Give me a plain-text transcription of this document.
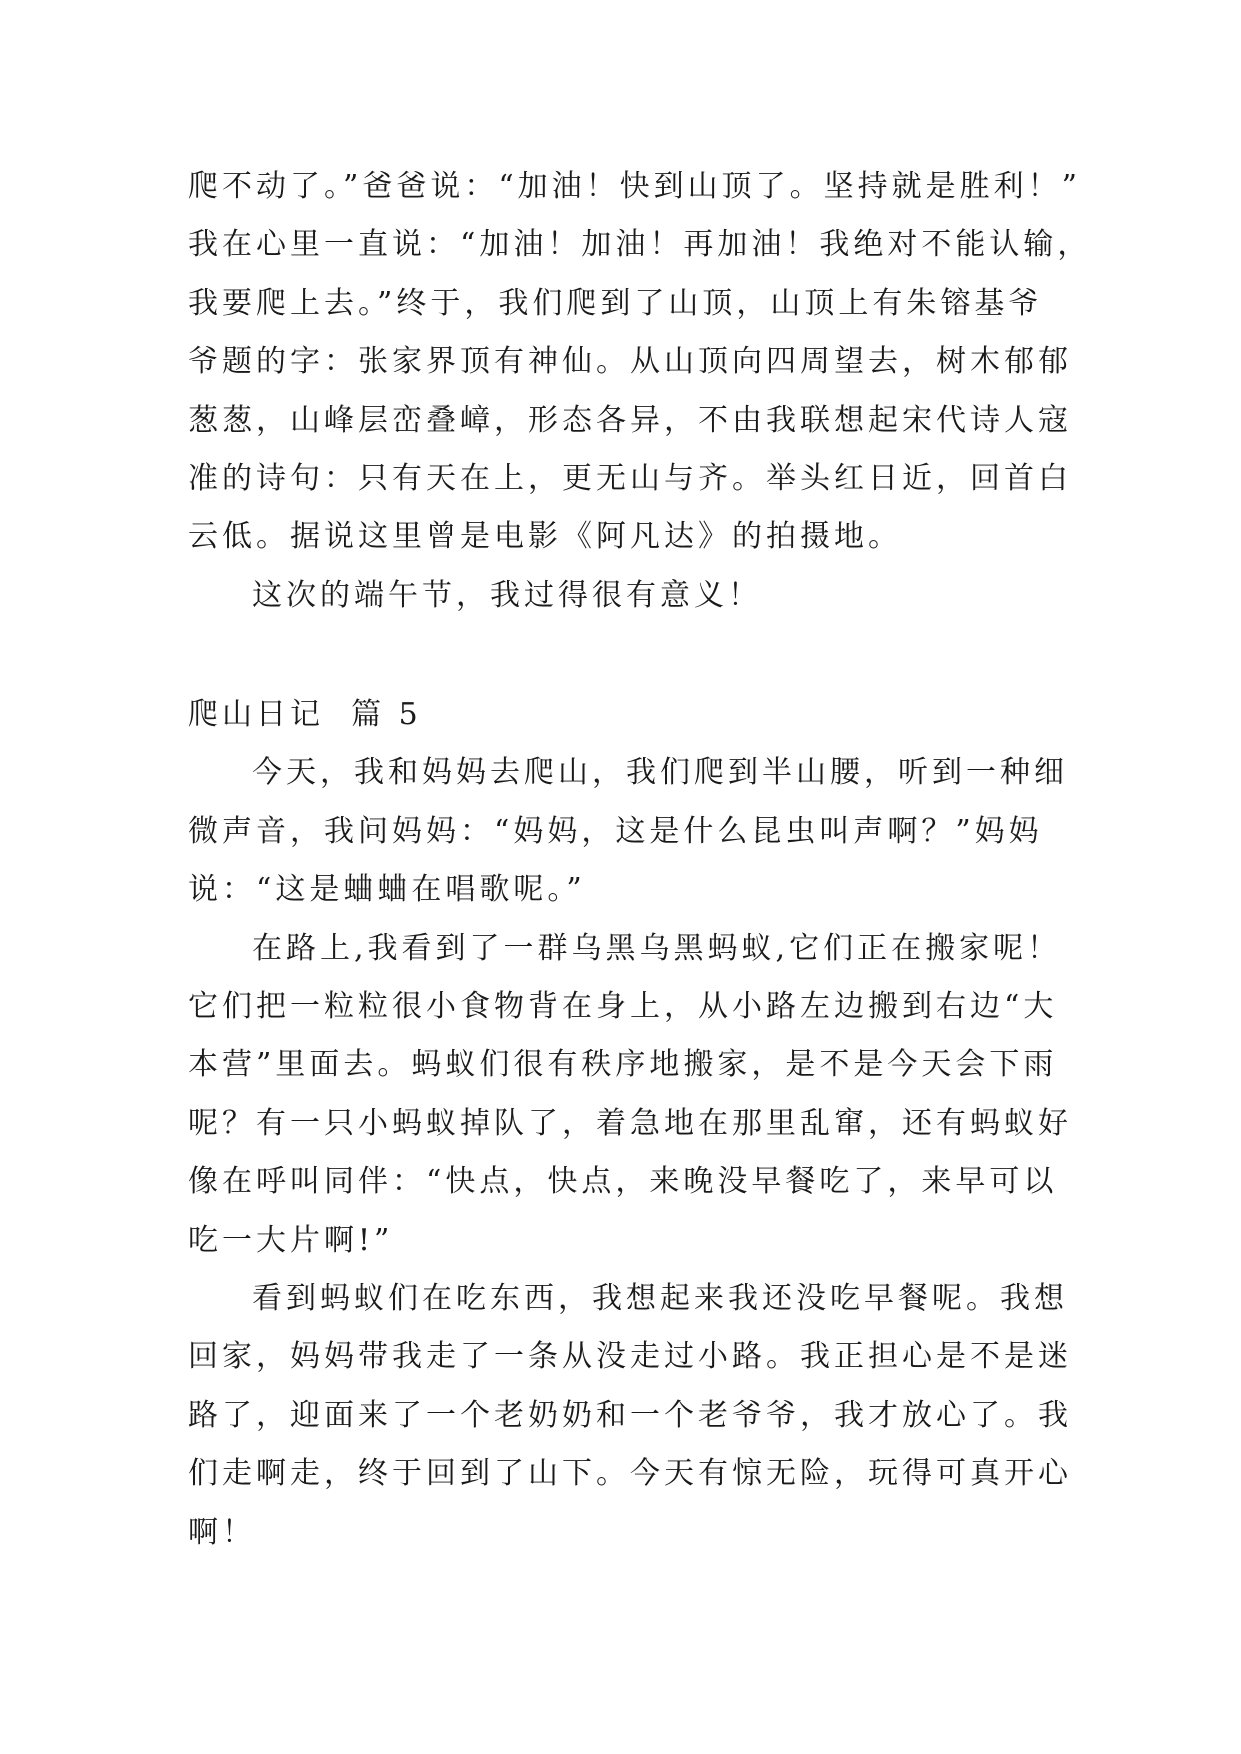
爬不动了。”爸爸说：“加油！快到山顶了。坚持就是胜利！”
我在心里一直说：“加油！加油！再加油！我绝对不能认输，
我要爬上去。”终于，我们爬到了山顶，山顶上有朱镕基爷
爷题的字：张家界顶有神仙。从山顶向四周望去，树木郁郁
葱葱，山峰层峦叠嶂，形态各异，不由我联想起宋代诗人寇
准的诗句：只有天在上，更无山与齐。举头红日近，回首白
云低。据说这里曾是电影《阿凡达》的拍摄地。

这次的端午节，我过得很有意义！

爬山日记  篇 5

今天，我和妈妈去爬山，我们爬到半山腰，听到一种细
微声音，我问妈妈：“妈妈，这是什么昆虫叫声啊？”妈妈
说：“这是蛐蛐在唱歌呢。”

在路上,我看到了一群乌黑乌黑蚂蚁,它们正在搬家呢！
它们把一粒粒很小食物背在身上，从小路左边搬到右边“大
本营”里面去。蚂蚁们很有秩序地搬家，是不是今天会下雨
呢？有一只小蚂蚁掉队了，着急地在那里乱窜，还有蚂蚁好
像在呼叫同伴：“快点，快点，来晚没早餐吃了，来早可以
吃一大片啊!”

看到蚂蚁们在吃东西，我想起来我还没吃早餐呢。我想
回家，妈妈带我走了一条从没走过小路。我正担心是不是迷
路了，迎面来了一个老奶奶和一个老爷爷，我才放心了。我
们走啊走，终于回到了山下。今天有惊无险，玩得可真开心
啊！
